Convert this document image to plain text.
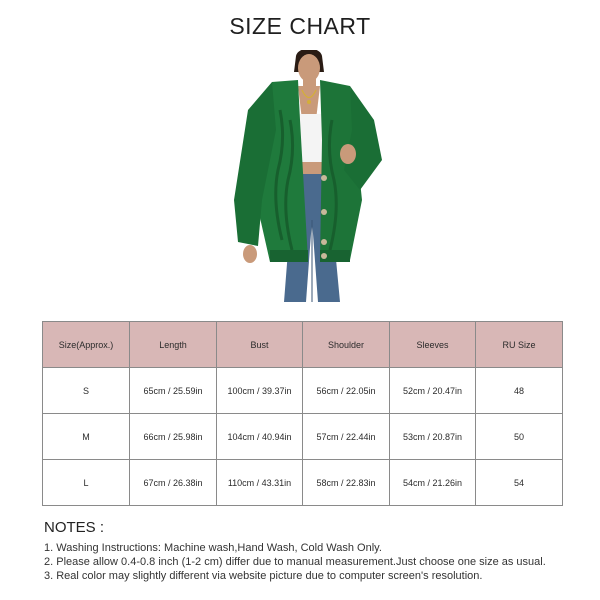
SIZE CHART
Size(Approx.)	Length	Bust	Shoulder	Sleeves	RU Size
S	65cm / 25.59in	100cm / 39.37in	56cm / 22.05in	52cm / 20.47in	48
M	66cm / 25.98in	104cm / 40.94in	57cm / 22.44in	53cm / 20.87in	50
L	67cm / 26.38in	110cm / 43.31in	58cm / 22.83in	54cm / 21.26in	54
NOTES :
1. Washing Instructions: Machine wash,Hand Wash, Cold Wash Only.
2. Please allow 0.4-0.8 inch (1-2 cm) differ due to manual measurement.Just choose one size as usual.
3. Real color may slightly different via website picture due to computer screen's resolution.
